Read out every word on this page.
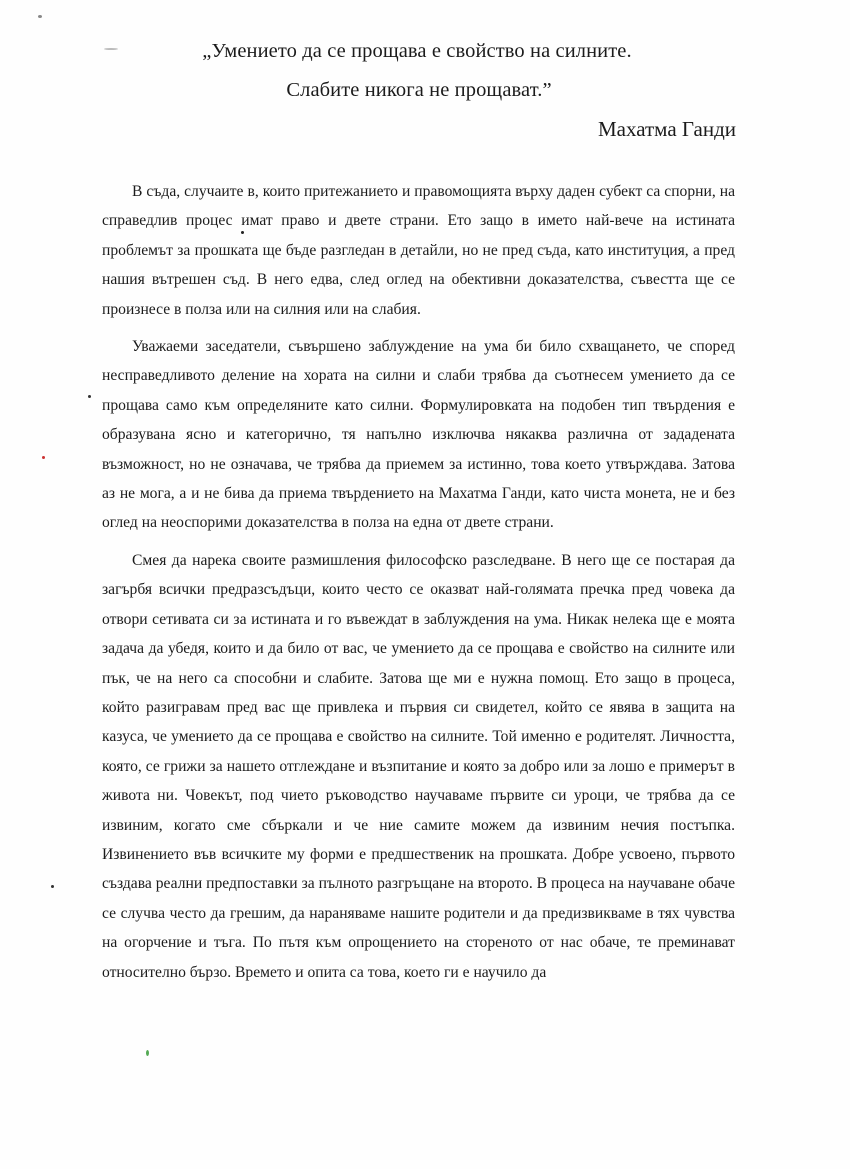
„Умението да се прощава е свойство на силните.
Слабите никога не прощават.”
Махатма Ганди

В съда, случаите в, които притежанието и правомощията върху даден субект са спорни, на справедлив процес имат право и двете страни. Ето защо в името най-вече на истината проблемът за прошката ще бъде разгледан в детайли, но не пред съда, като институция, а пред нашия вътрешен съд. В него едва, след оглед на обективни доказателства, съвестта ще се произнесе в полза или на силния или на слабия.

Уважаеми заседатели, съвършено заблуждение на ума би било схващането, че според несправедливото деление на хората на силни и слаби трябва да съотнесем умението да се прощава само към определяните като силни. Формулировката на подобен тип твърдения е образувана ясно и категорично, тя напълно изключва някаква различна от зададената възможност, но не означава, че трябва да приемем за истинно, това което утвърждава. Затова аз не мога, а и не бива да приема твърдението на Махатма Ганди, като чиста монета, не и без оглед на неоспорими доказателства в полза на една от двете страни.

Смея да нарека своите размишления философско разследване. В него ще се постарая да загърбя всички предразсъдъци, които често се оказват най-голямата пречка пред човека да отвори сетивата си за истината и го въвеждат в заблуждения на ума. Никак нелека ще е моята задача да убедя, които и да било от вас, че умението да се прощава е свойство на силните или пък, че на него са способни и слабите. Затова ще ми е нужна помощ. Ето защо в процеса, който разигравам пред вас ще привлека и първия си свидетел, който се явява в защита на казуса, че умението да се прощава е свойство на силните. Той именно е родителят. Личността, която, се грижи за нашето отглеждане и възпитание и която за добро или за лошо е примерът в живота ни. Човекът, под чието ръководство научаваме първите си уроци, че трябва да се извиним, когато сме сбъркали и че ние самите можем да извиним нечия постъпка. Извинението във всичките му форми е предшественик на прошката. Добре усвоено, първото създава реални предпоставки за пълното разгръщане на второто. В процеса на научаване обаче се случва често да грешим, да нараняваме нашите родители и да предизвикваме в тях чувства на огорчение и тъга. По пътя към опрощението на стореното от нас обаче, те преминават относително бързо. Времето и опита са това, което ги е научило да
